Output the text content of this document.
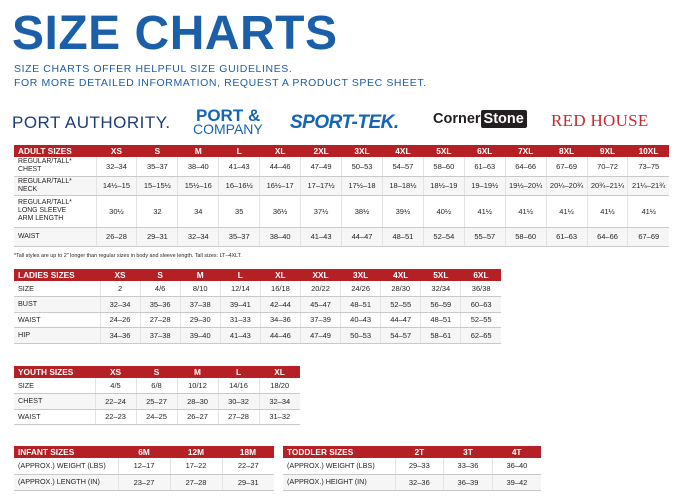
SIZE CHARTS
SIZE CHARTS OFFER HELPFUL SIZE GUIDELINES.
FOR MORE DETAILED INFORMATION, REQUEST A PRODUCT SPEC SHEET.
PORT AUTHORITY. PORT &
COMPANY SPORT-TEK. Corner Stone RED HOUSE
ADULT SIZES	XS	S	M	L	XL	2XL	3XL	4XL	5XL	6XL	7XL	8XL	9XL	10XL

REGULAR/TALL*
CHEST	32–34	35–37	38–40	41–43	44–46	47–49	50–53	54–57	58–60	61–63	64–66	67–69	70–72	73–75

REGULAR/TALL*
NECK	14½–15	15–15½	15½–16	16–16½	16½–17	17–17½	17½–18	18–18½	18½–19	19–19½	19½–20¼	20¼–20¾	20¾–21¼	21¼–21¾

REGULAR/TALL*
LONG SLEEVE
ARM LENGTH	30½	32	34	35	36½	37½	38½	39½	40½	41½	41½	41½	41½	41½

WAIST	26–28	29–31	32–34	35–37	38–40	41–43	44–47	48–51	52–54	55–57	58–60	61–63	64–66	67–69
*Tall styles are up to 2" longer than regular sizes in body and sleeve length. Tall sizes: LT–4XLT.
LADIES SIZES	XS	S	M	L	XL	XXL	3XL	4XL	5XL	6XL
SIZE	2	4/6	8/10	12/14	16/18	20/22	24/26	28/30	32/34	36/38
BUST	32–34	35–36	37–38	39–41	42–44	45–47	48–51	52–55	56–59	60–63
WAIST	24–26	27–28	29–30	31–33	34–36	37–39	40–43	44–47	48–51	52–55
HIP	34–36	37–38	39–40	41–43	44–46	47–49	50–53	54–57	58–61	62–65
YOUTH SIZES	XS	S	M	L	XL
SIZE	4/5	6/8	10/12	14/16	18/20
CHEST	22–24	25–27	28–30	30–32	32–34
WAIST	22–23	24–25	26–27	27–28	31–32
INFANT SIZES	6M	12M	18M
(APPROX.) WEIGHT (LBS)	12–17	17–22	22–27
(APPROX.) LENGTH (IN)	23–27	27–28	29–31
TODDLER SIZES	2T	3T	4T
(APPROX.) WEIGHT (LBS)	29–33	33–36	36–40
(APPROX.) HEIGHT (IN)	32–36	36–39	39–42
